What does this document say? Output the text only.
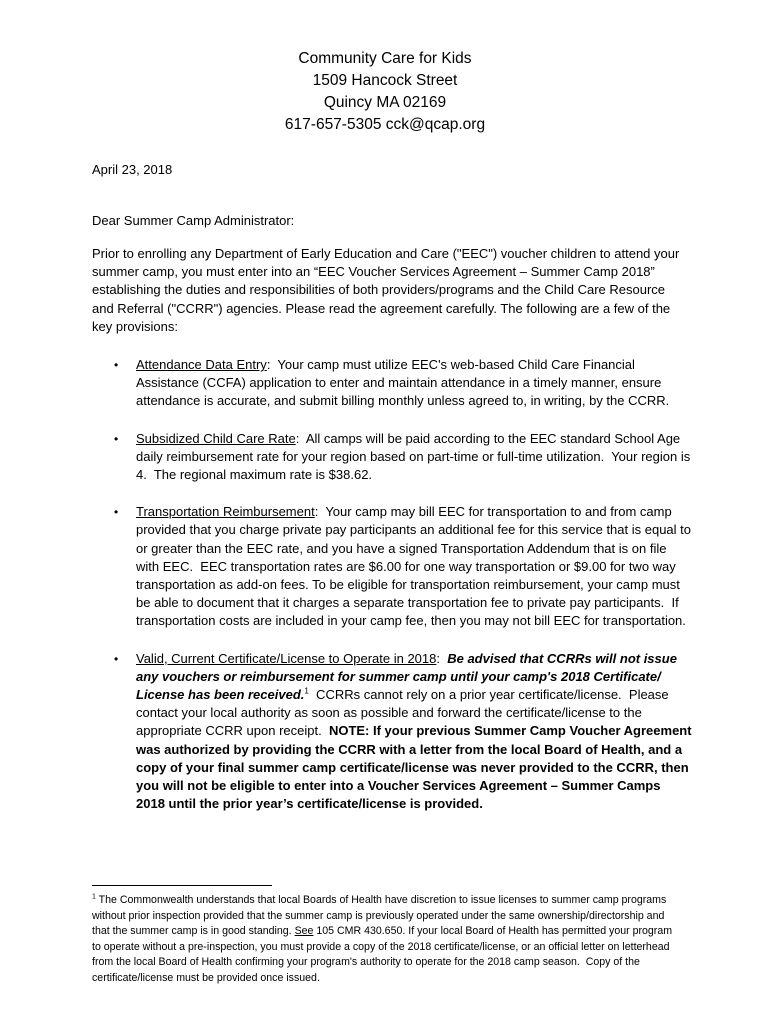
Community Care for Kids
1509 Hancock Street
Quincy MA 02169
617-657-5305 cck@qcap.org
April 23, 2018
Dear Summer Camp Administrator:
Prior to enrolling any Department of Early Education and Care ("EEC") voucher children to attend your summer camp, you must enter into an “EEC Voucher Services Agreement – Summer Camp 2018” establishing the duties and responsibilities of both providers/programs and the Child Care Resource and Referral ("CCRR") agencies. Please read the agreement carefully. The following are a few of the key provisions:
• Attendance Data Entry:  Your camp must utilize EEC's web-based Child Care Financial Assistance (CCFA) application to enter and maintain attendance in a timely manner, ensure attendance is accurate, and submit billing monthly unless agreed to, in writing, by the CCRR.
• Subsidized Child Care Rate:  All camps will be paid according to the EEC standard School Age daily reimbursement rate for your region based on part-time or full-time utilization.  Your region is 4.  The regional maximum rate is $38.62.
• Transportation Reimbursement:  Your camp may bill EEC for transportation to and from camp provided that you charge private pay participants an additional fee for this service that is equal to or greater than the EEC rate, and you have a signed Transportation Addendum that is on file with EEC.  EEC transportation rates are $6.00 for one way transportation or $9.00 for two way transportation as add-on fees. To be eligible for transportation reimbursement, your camp must be able to document that it charges a separate transportation fee to private pay participants.  If transportation costs are included in your camp fee, then you may not bill EEC for transportation.
• Valid, Current Certificate/License to Operate in 2018:  Be advised that CCRRs will not issue any vouchers or reimbursement for summer camp until your camp's 2018 Certificate/ License has been received.$^1$  CCRRs cannot rely on a prior year certificate/license.  Please contact your local authority as soon as possible and forward the certificate/license to the appropriate CCRR upon receipt.  NOTE: If your previous Summer Camp Voucher Agreement was authorized by providing the CCRR with a letter from the local Board of Health, and a copy of your final summer camp certificate/license was never provided to the CCRR, then you will not be eligible to enter into a Voucher Services Agreement – Summer Camps 2018 until the prior year’s certificate/license is provided.
$^1$ The Commonwealth understands that local Boards of Health have discretion to issue licenses to summer camp programs without prior inspection provided that the summer camp is previously operated under the same ownership/directorship and that the summer camp is in good standing. See 105 CMR 430.650. If your local Board of Health has permitted your program to operate without a pre-inspection, you must provide a copy of the 2018 certificate/license, or an official letter on letterhead from the local Board of Health confirming your program's authority to operate for the 2018 camp season.  Copy of the certificate/license must be provided once issued.
